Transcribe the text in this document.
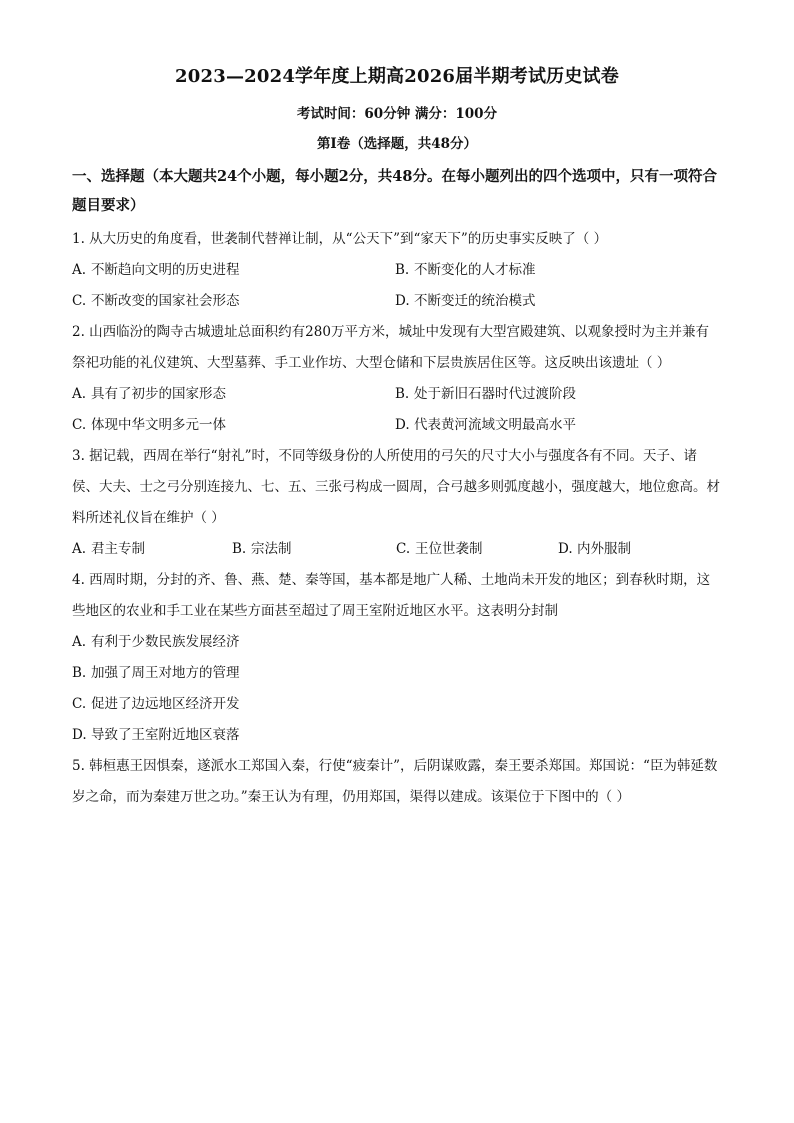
2023—2024学年度上期高2026届半期考试历史试卷
考试时间：60分钟 满分：100分
第Ⅰ卷（选择题，共48分）
一、选择题（本大题共24个小题，每小题2分，共48分。在每小题列出的四个选项中，只有一项符合题目要求）

1. 从大历史的角度看，世袭制代替禅让制，从“公天下”到“家天下”的历史事实反映了（ ）

A. 不断趋向文明的历史进程	B. 不断变化的人才标准
C. 不断改变的国家社会形态	D. 不断变迁的统治模式

2. 山西临汾的陶寺古城遗址总面积约有280万平方米，城址中发现有大型宫殿建筑、以观象授时为主并兼有祭祀功能的礼仪建筑、大型墓葬、手工业作坊、大型仓储和下层贵族居住区等。这反映出该遗址（ ）

A. 具有了初步的国家形态	B. 处于新旧石器时代过渡阶段
C. 体现中华文明多元一体	D. 代表黄河流域文明最高水平

3. 据记载，西周在举行“射礼”时，不同等级身份的人所使用的弓矢的尺寸大小与强度各有不同。天子、诸侯、大夫、士之弓分别连接九、七、五、三张弓构成一圆周，合弓越多则弧度越小，强度越大，地位愈高。材料所述礼仪旨在维护（ ）

A. 君主专制	B. 宗法制	C. 王位世袭制	D. 内外服制

4. 西周时期，分封的齐、鲁、燕、楚、秦等国，基本都是地广人稀、土地尚未开发的地区；到春秋时期，这些地区的农业和手工业在某些方面甚至超过了周王室附近地区水平。这表明分封制

A. 有利于少数民族发展经济
B. 加强了周王对地方的管理
C. 促进了边远地区经济开发
D. 导致了王室附近地区衰落

5. 韩桓惠王因惧秦，遂派水工郑国入秦，行使“疲秦计”，后阴谋败露，秦王要杀郑国。郑国说：“臣为韩延数岁之命，而为秦建万世之功。”秦王认为有理，仍用郑国，渠得以建成。该渠位于下图中的（ ）
